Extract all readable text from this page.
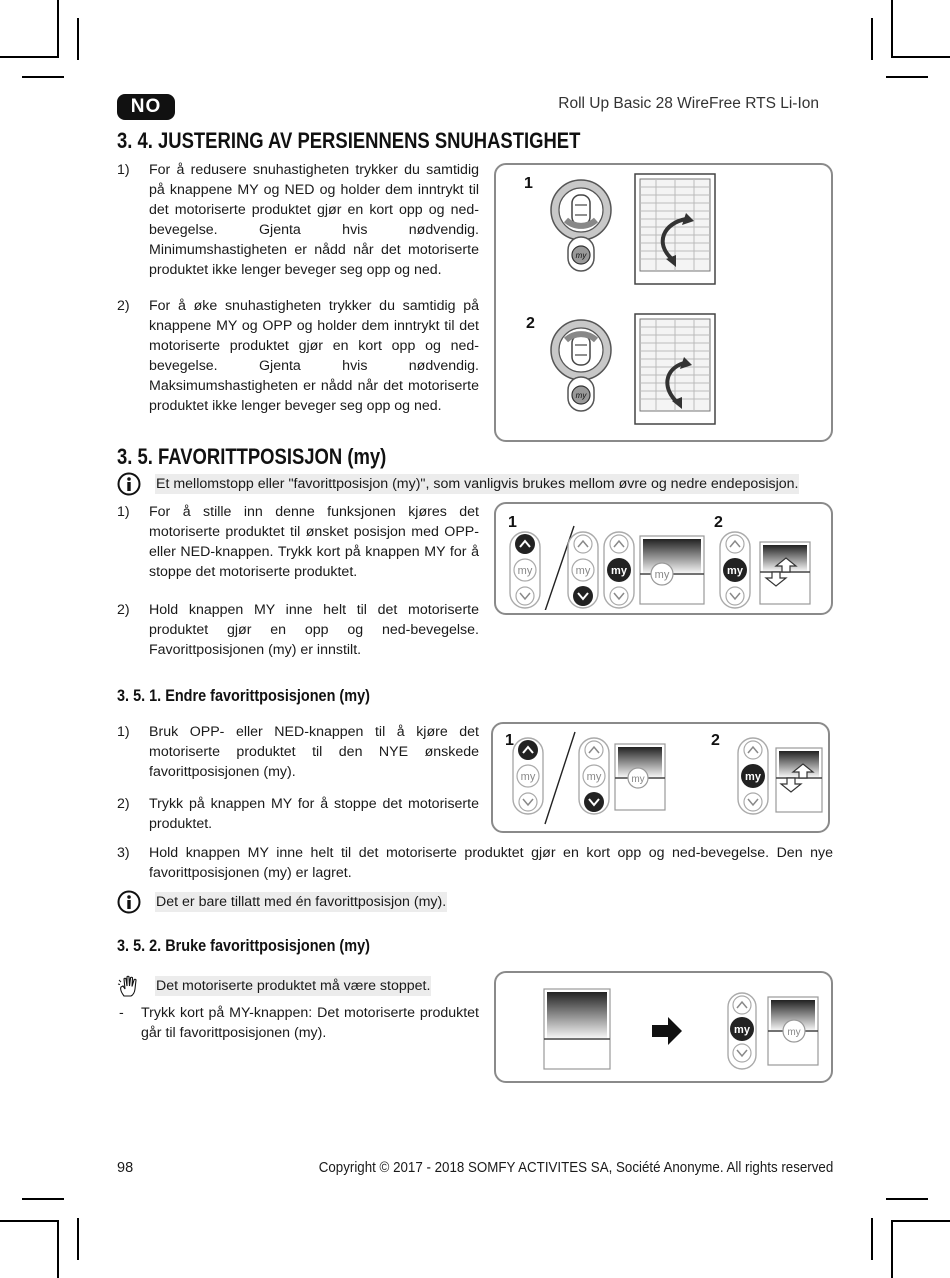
NO	Roll Up Basic 28 WireFree RTS Li-Ion
3. 4. JUSTERING AV PERSIENNENS SNUHASTIGHET
1) For å redusere snuhastigheten trykker du samtidig på knappene MY og NED og holder dem inntrykt til det motoriserte produktet gjør en kort opp og ned-bevegelse. Gjenta hvis nødvendig. Minimumshastigheten er nådd når det motoriserte produktet ikke lenger beveger seg opp og ned.
2) For å øke snuhastigheten trykker du samtidig på knappene MY og OPP og holder dem inntrykt til det motoriserte produktet gjør en kort opp og ned-bevegelse. Gjenta hvis nødvendig. Maksimumshastigheten er nådd når det motoriserte produktet ikke lenger beveger seg opp og ned.
1
2
my
my
3. 5. FAVORITTPOSISJON (my)
Et mellomstopp eller "favorittposisjon (my)", som vanligvis brukes mellom øvre og nedre endeposisjon.
1) For å stille inn denne funksjonen kjøres det motoriserte produktet til ønsket posisjon med OPP- eller NED-knappen. Trykk kort på knappen MY for å stoppe det motoriserte produktet.
2) Hold knappen MY inne helt til det motoriserte produktet gjør en opp og ned-bevegelse. Favorittposisjonen (my) er innstilt.
1	2
my	my my	my	my
3. 5. 1. Endre favorittposisjonen (my)
1) Bruk OPP- eller NED-knappen til å kjøre det motoriserte produktet til den NYE ønskede favorittposisjonen (my).
2) Trykk på knappen MY for å stoppe det motoriserte produktet.
3) Hold knappen MY inne helt til det motoriserte produktet gjør en kort opp og ned-bevegelse. Den nye favorittposisjonen (my) er lagret.
Det er bare tillatt med én favorittposisjon (my).
1	2
my	my	my	my
3. 5. 2. Bruke favorittposisjonen (my)
Det motoriserte produktet må være stoppet.
- Trykk kort på MY-knappen: Det motoriserte produktet går til favorittposisjonen (my).	my	my
98	Copyright © 2017 - 2018 SOMFY ACTIVITES SA, Société Anonyme. All rights reserved
